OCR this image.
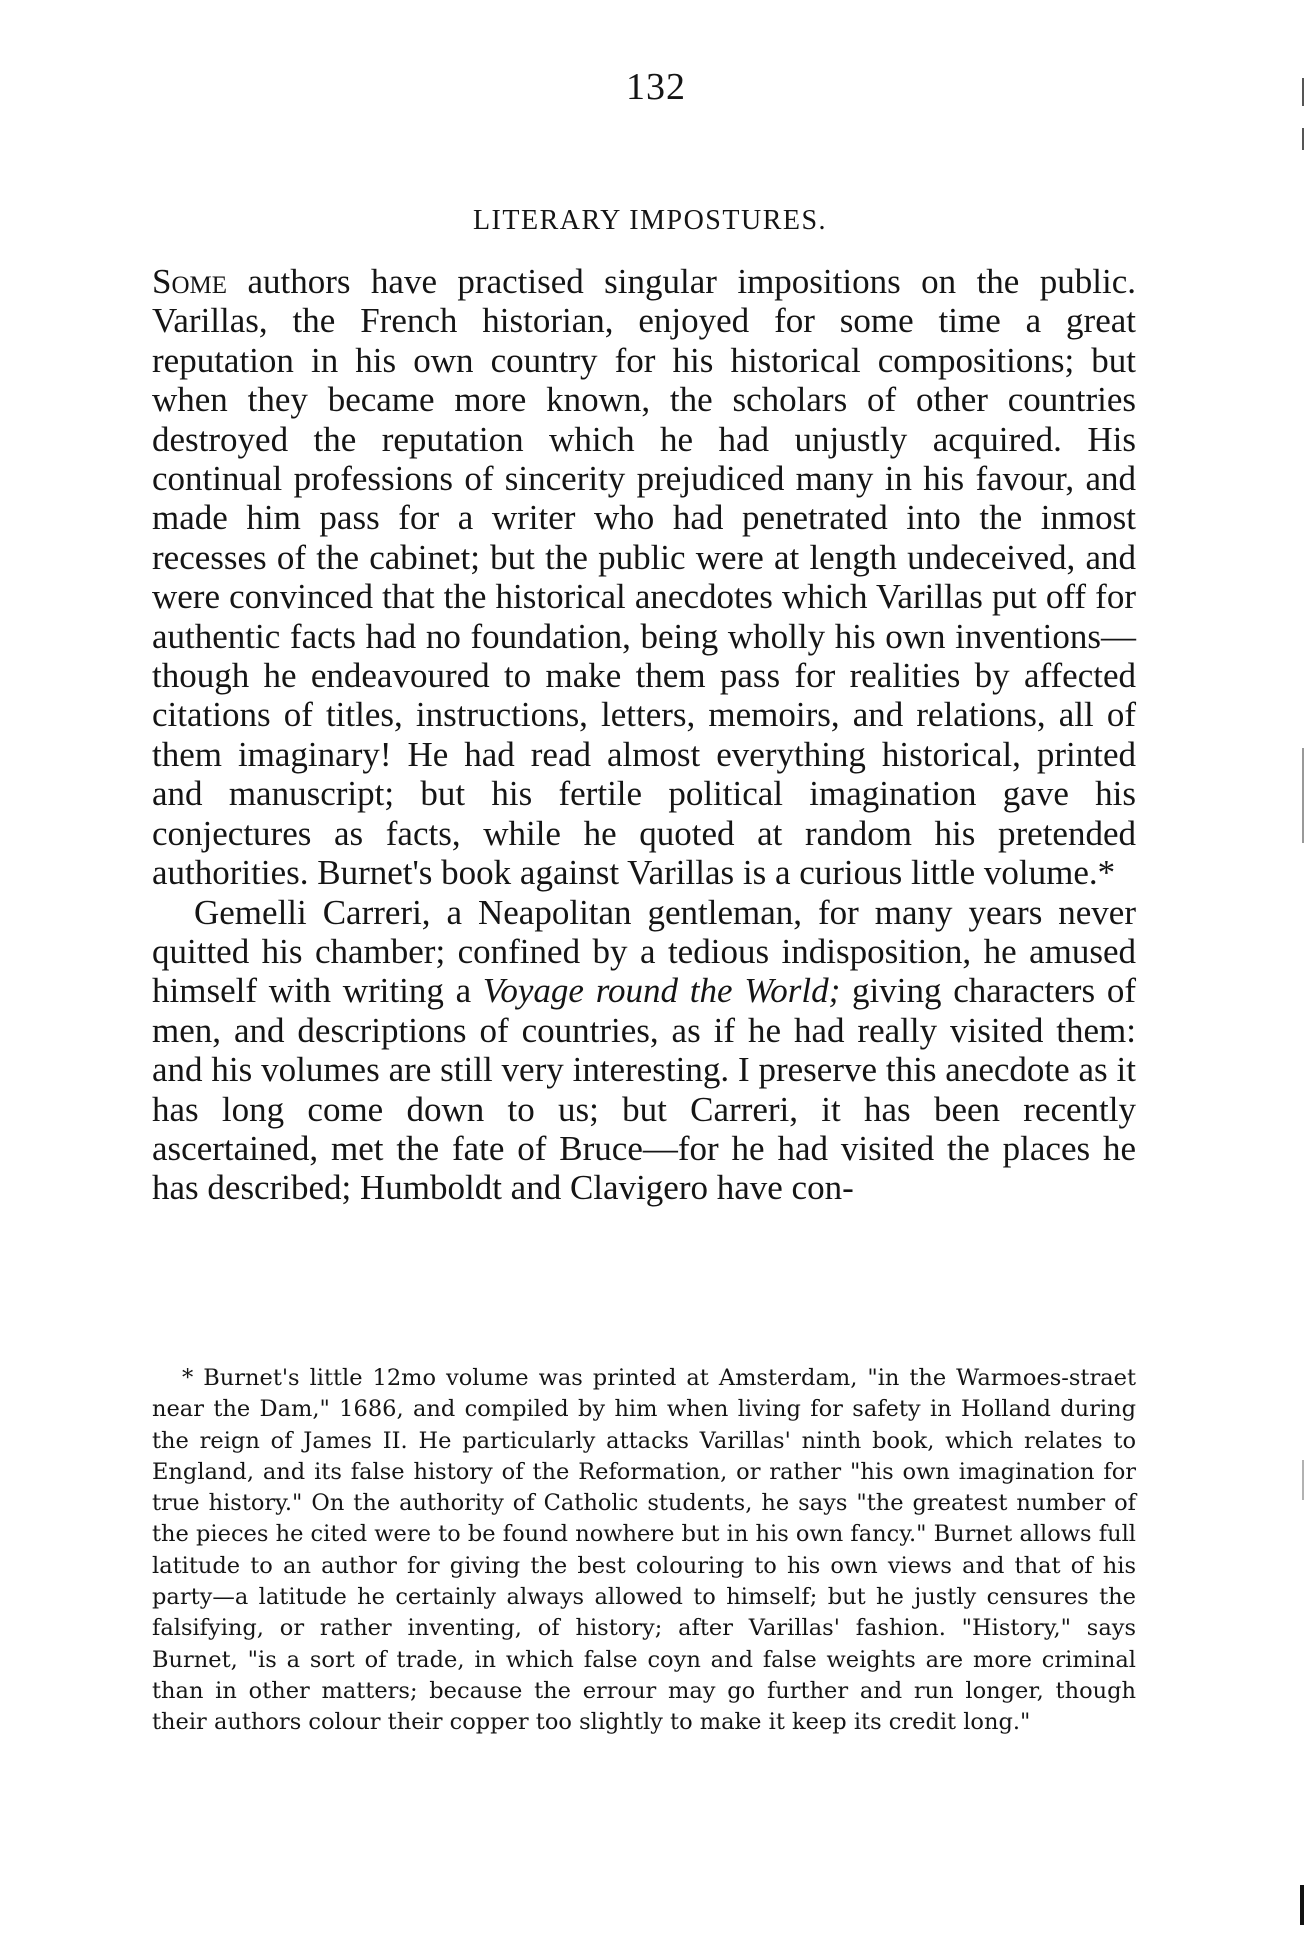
132
LITERARY IMPOSTURES.

Some authors have practised singular impositions on the public. Varillas, the French historian, enjoyed for some time a great reputation in his own country for his historical compositions; but when they became more known, the scholars of other countries destroyed the reputation which he had unjustly acquired. His continual professions of sincerity prejudiced many in his favour, and made him pass for a writer who had penetrated into the inmost recesses of the cabinet; but the public were at length undeceived, and were convinced that the historical anecdotes which Varillas put off for authentic facts had no foundation, being wholly his own inventions—though he endeavoured to make them pass for realities by affected citations of titles, instructions, letters, memoirs, and relations, all of them imaginary! He had read almost everything historical, printed and manuscript; but his fertile political imagination gave his conjectures as facts, while he quoted at random his pretended authorities. Burnet's book against Varillas is a curious little volume.*

Gemelli Carreri, a Neapolitan gentleman, for many years never quitted his chamber; confined by a tedious indisposition, he amused himself with writing a Voyage round the World; giving characters of men, and descriptions of countries, as if he had really visited them: and his volumes are still very interesting. I preserve this anecdote as it has long come down to us; but Carreri, it has been recently ascertained, met the fate of Bruce—for he had visited the places he has described; Humboldt and Clavigero have con-

* Burnet's little 12mo volume was printed at Amsterdam, "in the Warmoes-straet near the Dam," 1686, and compiled by him when living for safety in Holland during the reign of James II. He particularly attacks Varillas' ninth book, which relates to England, and its false history of the Reformation, or rather "his own imagination for true history." On the authority of Catholic students, he says "the greatest number of the pieces he cited were to be found nowhere but in his own fancy." Burnet allows full latitude to an author for giving the best colouring to his own views and that of his party—a latitude he certainly always allowed to himself; but he justly censures the falsifying, or rather inventing, of history; after Varillas' fashion. "History," says Burnet, "is a sort of trade, in which false coyn and false weights are more criminal than in other matters; because the errour may go further and run longer, though their authors colour their copper too slightly to make it keep its credit long."
